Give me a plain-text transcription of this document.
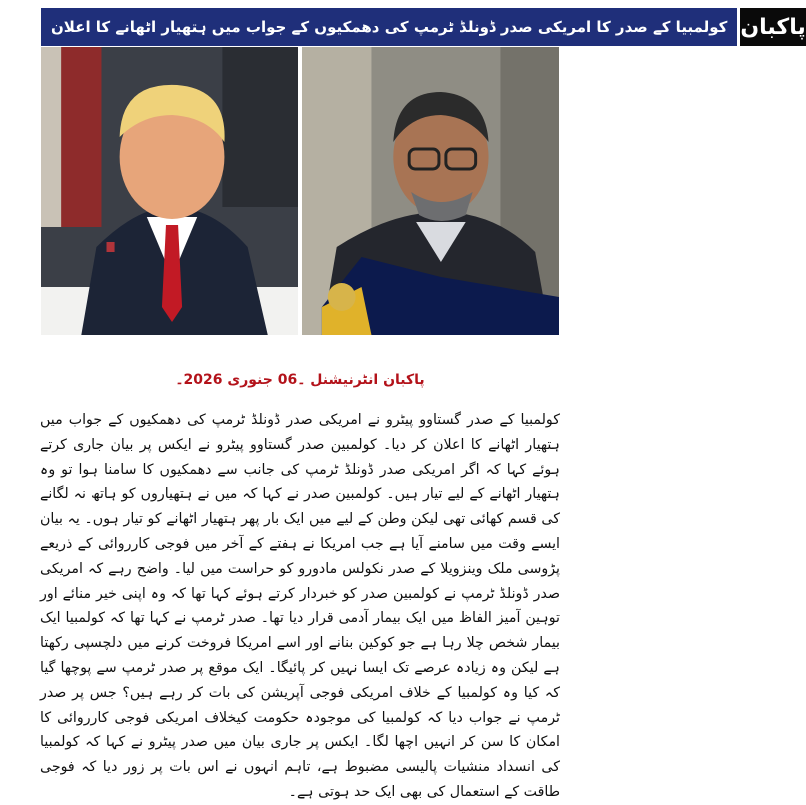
کولمبیا کے صدر کا امریکی صدر ڈونلڈ ٹرمپ کی دھمکیوں کے جواب میں ہتھیار اٹھانے کا اعلان پاکبان
پاکبان انٹرنیشنل ۔06 جنوری 2026۔

کولمبیا کے صدر گستاوو پیٹرو نے امریکی صدر ڈونلڈ ٹرمپ کی دھمکیوں کے جواب میں ہتھیار اٹھانے کا اعلان کر دیا۔ کولمبین صدر گستاوو پیٹرو نے ایکس پر بیان جاری کرتے ہوئے کہا کہ اگر امریکی صدر ڈونلڈ ٹرمپ کی جانب سے دھمکیوں کا سامنا ہوا تو وہ ہتھیار اٹھانے کے لیے تیار ہیں۔ کولمبین صدر نے کہا کہ میں نے ہتھیاروں کو ہاتھ نہ لگانے کی قسم کھائی تھی لیکن وطن کے لیے میں ایک بار پھر ہتھیار اٹھانے کو تیار ہوں۔ یہ بیان ایسے وقت میں سامنے آیا ہے جب امریکا نے ہفتے کے آخر میں فوجی کارروائی کے ذریعے پڑوسی ملک وینزویلا کے صدر نکولس مادورو کو حراست میں لیا۔ واضح رہے کہ امریکی صدر ڈونلڈ ٹرمپ نے کولمبین صدر کو خبردار کرتے ہوئے کہا تھا کہ وہ اپنی خیر منائے اور توہین آمیز الفاظ میں ایک بیمار آدمی قرار دیا تھا۔ صدر ٹرمپ نے کہا تھا کہ کولمبیا ایک بیمار شخص چلا رہا ہے جو کوکین بنانے اور اسے امریکا فروخت کرنے میں دلچسپی رکھتا ہے لیکن وہ زیادہ عرصے تک ایسا نہیں کر پائیگا۔ ایک موقع پر صدر ٹرمپ سے پوچھا گیا کہ کیا وہ کولمبیا کے خلاف امریکی فوجی آپریشن کی بات کر رہے ہیں؟ جس پر صدر ٹرمپ نے جواب دیا کہ کولمبیا کی موجودہ حکومت کیخلاف امریکی فوجی کارروائی کا امکان کا سن کر انہیں اچھا لگا۔ ایکس پر جاری بیان میں صدر پیٹرو نے کہا کہ کولمبیا کی انسداد منشیات پالیسی مضبوط ہے، تاہم انہوں نے اس بات پر زور دیا کہ فوجی طاقت کے استعمال کی بھی ایک حد ہوتی ہے۔
